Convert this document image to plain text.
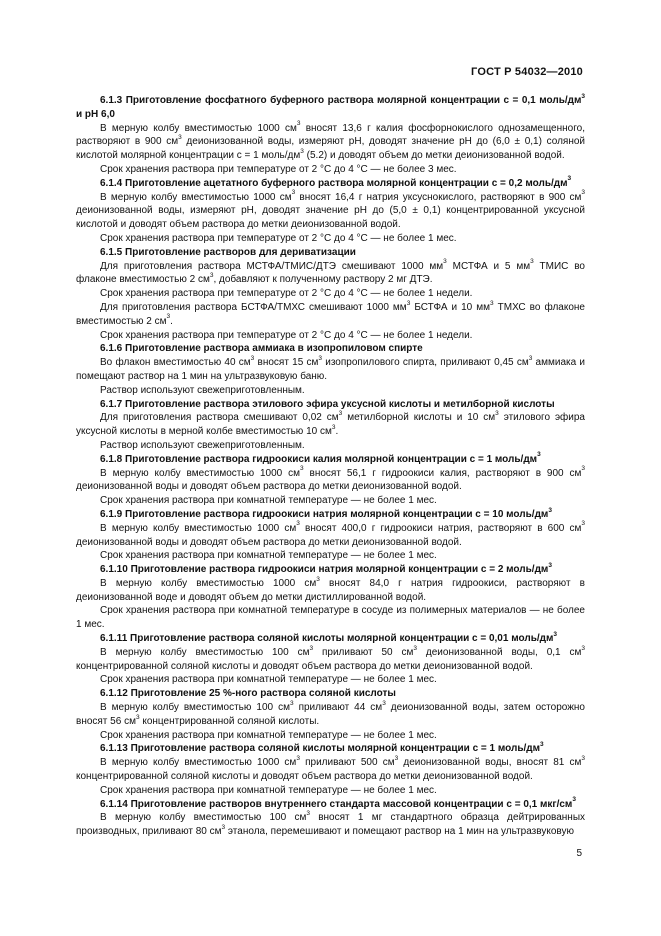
ГОСТ Р 54032—2010

6.1.3 Приготовление фосфатного буферного раствора молярной концентрации c = 0,1 моль/$дм^3$ и pH 6,0

В мерную колбу вместимостью 1000 $см^3$ вносят 13,6 г калия фосфорнокислого однозамещенного, растворяют в 900 $см^3$ деионизованной воды, измеряют pH, доводят значение pH до (6,0 ± 0,1) соляной кислотой молярной концентрации c = 1 моль/$дм^3$ (5.2) и доводят объем до метки деионизованной водой.

Срок хранения раствора при температуре от 2 °С до 4 °С — не более 3 мес.

6.1.4 Приготовление ацетатного буферного раствора молярной концентрации c = 0,2 моль/$дм^3$

В мерную колбу вместимостью 1000 $см^3$ вносят 16,4 г натрия уксуснокислого, растворяют в 900 $см^3$ деионизованной воды, измеряют pH, доводят значение pH до (5,0 ± 0,1) концентрированной уксусной кислотой и доводят объем раствора до метки деионизованной водой.

Срок хранения раствора при температуре от 2 °С до 4 °С — не более 1 мес.

6.1.5 Приготовление растворов для дериватизации

Для приготовления раствора МСТФА/ТМИС/ДТЭ смешивают 1000 $мм^3$ МСТФА и 5 $мм^3$ ТМИС во флаконе вместимостью 2 $см^3$, добавляют к полученному раствору 2 мг ДТЭ.

Срок хранения раствора при температуре от 2 °С до 4 °С — не более 1 недели.

Для приготовления раствора БСТФА/ТМХС смешивают 1000 $мм^3$ БСТФА и 10 $мм^3$ ТМХС во флаконе вместимостью 2 $см^3$.

Срок хранения раствора при температуре от 2 °С до 4 °С — не более 1 недели.

6.1.6 Приготовление раствора аммиака в изопропиловом спирте

Во флакон вместимостью 40 $см^3$ вносят 15 $см^3$ изопропилового спирта, приливают 0,45 $см^3$ аммиака и помещают раствор на 1 мин на ультразвуковую баню.

Раствор используют свежеприготовленным.

6.1.7 Приготовление раствора этилового эфира уксусной кислоты и метилборной кислоты

Для приготовления раствора смешивают 0,02 $см^3$ метилборной кислоты и 10 $см^3$ этилового эфира уксусной кислоты в мерной колбе вместимостью 10 $см^3$.

Раствор используют свежеприготовленным.

6.1.8 Приготовление раствора гидроокиси калия молярной концентрации c = 1 моль/$дм^3$

В мерную колбу вместимостью 1000 $см^3$ вносят 56,1 г гидроокиси калия, растворяют в 900 $см^3$ деионизованной воды и доводят объем раствора до метки деионизованной водой.

Срок хранения раствора при комнатной температуре — не более 1 мес.

6.1.9 Приготовление раствора гидроокиси натрия молярной концентрации c = 10 моль/$дм^3$

В мерную колбу вместимостью 1000 $см^3$ вносят 400,0 г гидроокиси натрия, растворяют в 600 $см^3$ деионизованной воды и доводят объем раствора до метки деионизованной водой.

Срок хранения раствора при комнатной температуре — не более 1 мес.

6.1.10 Приготовление раствора гидроокиси натрия молярной концентрации c = 2 моль/$дм^3$

В мерную колбу вместимостью 1000 $см^3$ вносят 84,0 г натрия гидроокиси, растворяют в деионизованной воде и доводят объем до метки дистиллированной водой.

Срок хранения раствора при комнатной температуре в сосуде из полимерных материалов — не более 1 мес.

6.1.11 Приготовление раствора соляной кислоты молярной концентрации c = 0,01 моль/$дм^3$

В мерную колбу вместимостью 100 $см^3$ приливают 50 $см^3$ деионизованной воды, 0,1 $см^3$ концентрированной соляной кислоты и доводят объем раствора до метки деионизованной водой.

Срок хранения раствора при комнатной температуре — не более 1 мес.

6.1.12 Приготовление 25 %-ного раствора соляной кислоты

В мерную колбу вместимостью 100 $см^3$ приливают 44 $см^3$ деионизованной воды, затем осторожно вносят 56 $см^3$ концентрированной соляной кислоты.

Срок хранения раствора при комнатной температуре — не более 1 мес.

6.1.13 Приготовление раствора соляной кислоты молярной концентрации c = 1 моль/$дм^3$

В мерную колбу вместимостью 1000 $см^3$ приливают 500 $см^3$ деионизованной воды, вносят 81 $см^3$ концентрированной соляной кислоты и доводят объем раствора до метки деионизованной водой.

Срок хранения раствора при комнатной температуре — не более 1 мес.

6.1.14 Приготовление растворов внутреннего стандарта массовой концентрации c = 0,1 мкг/$см^3$

В мерную колбу вместимостью 100 $см^3$ вносят 1 мг стандартного образца дейтрированных производных, приливают 80 $см^3$ этанола, перемешивают и помещают раствор на 1 мин на ультразвуковую

5
